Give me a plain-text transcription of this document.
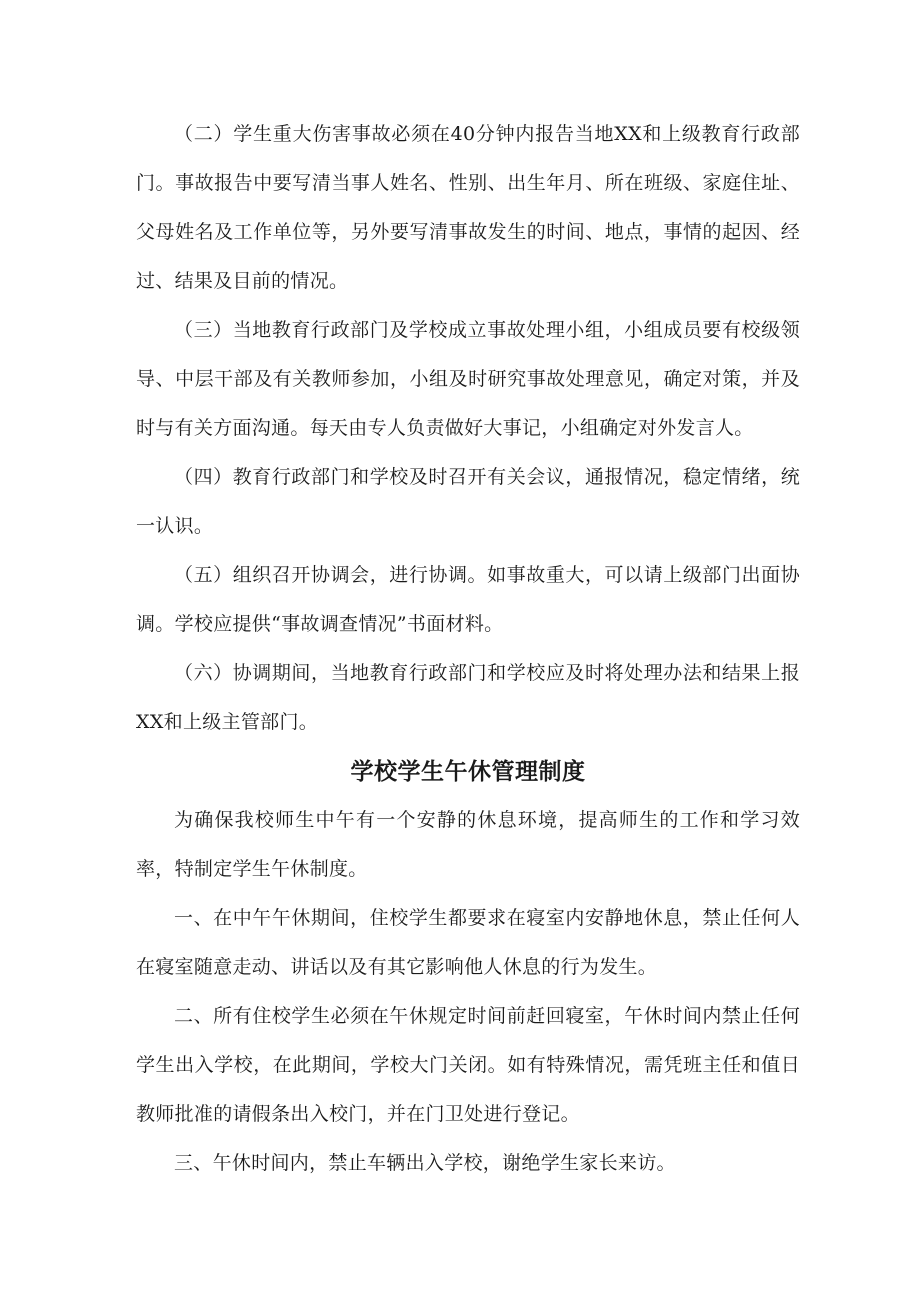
（二）学生重大伤害事故必须在40分钟内报告当地XX和上级教育行政部门。事故报告中要写清当事人姓名、性别、出生年月、所在班级、家庭住址、父母姓名及工作单位等，另外要写清事故发生的时间、地点，事情的起因、经过、结果及目前的情况。

（三）当地教育行政部门及学校成立事故处理小组，小组成员要有校级领导、中层干部及有关教师参加，小组及时研究事故处理意见，确定对策，并及时与有关方面沟通。每天由专人负责做好大事记，小组确定对外发言人。

（四）教育行政部门和学校及时召开有关会议，通报情况，稳定情绪，统一认识。

（五）组织召开协调会，进行协调。如事故重大，可以请上级部门出面协调。学校应提供“事故调查情况”书面材料。

（六）协调期间，当地教育行政部门和学校应及时将处理办法和结果上报XX和上级主管部门。

学校学生午休管理制度

为确保我校师生中午有一个安静的休息环境，提高师生的工作和学习效率，特制定学生午休制度。

一、在中午午休期间，住校学生都要求在寝室内安静地休息，禁止任何人在寝室随意走动、讲话以及有其它影响他人休息的行为发生。

二、所有住校学生必须在午休规定时间前赶回寝室，午休时间内禁止任何学生出入学校，在此期间，学校大门关闭。如有特殊情况，需凭班主任和值日教师批准的请假条出入校门，并在门卫处进行登记。

三、午休时间内，禁止车辆出入学校，谢绝学生家长来访。
